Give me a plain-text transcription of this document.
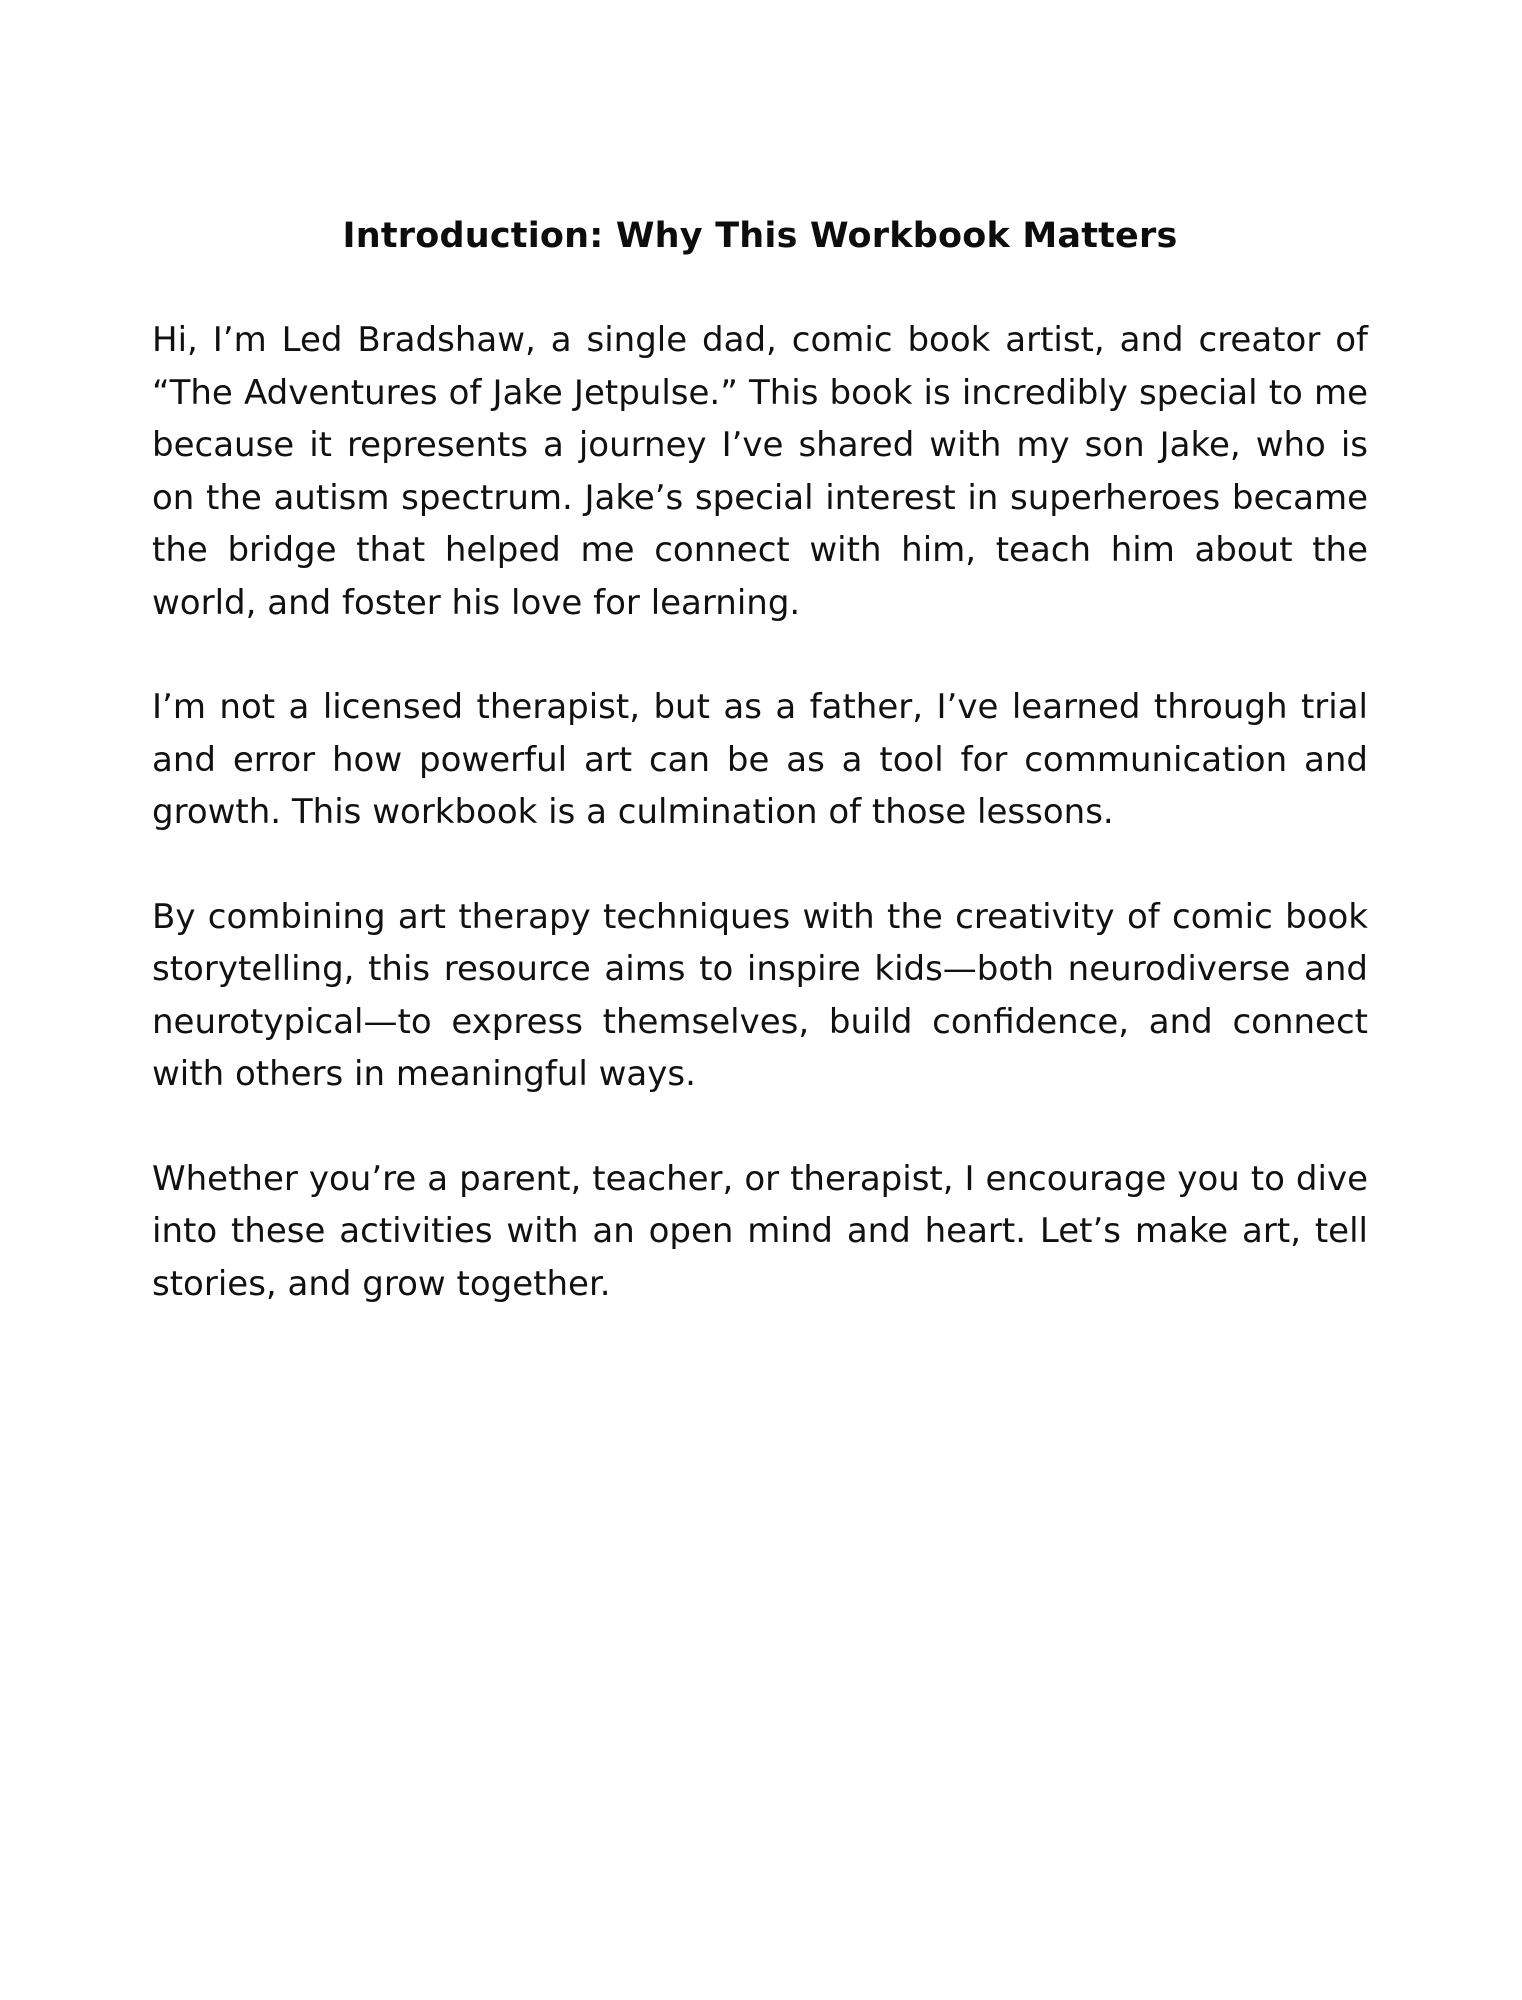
Introduction: Why This Workbook Matters

Hi, I’m Led Bradshaw, a single dad, comic book artist, and creator of “The Adventures of Jake Jetpulse.” This book is incredibly special to me because it represents a journey I’ve shared with my son Jake, who is on the autism spectrum. Jake’s special interest in superheroes became the bridge that helped me connect with him, teach him about the world, and foster his love for learning.

I’m not a licensed therapist, but as a father, I’ve learned through trial and error how powerful art can be as a tool for communication and growth. This workbook is a culmination of those lessons.

By combining art therapy techniques with the creativity of comic book storytelling, this resource aims to inspire kids—both neurodiverse and neurotypical—to express themselves, build confidence, and connect with others in meaningful ways.

Whether you’re a parent, teacher, or therapist, I encourage you to dive into these activities with an open mind and heart. Let’s make art, tell stories, and grow together.
